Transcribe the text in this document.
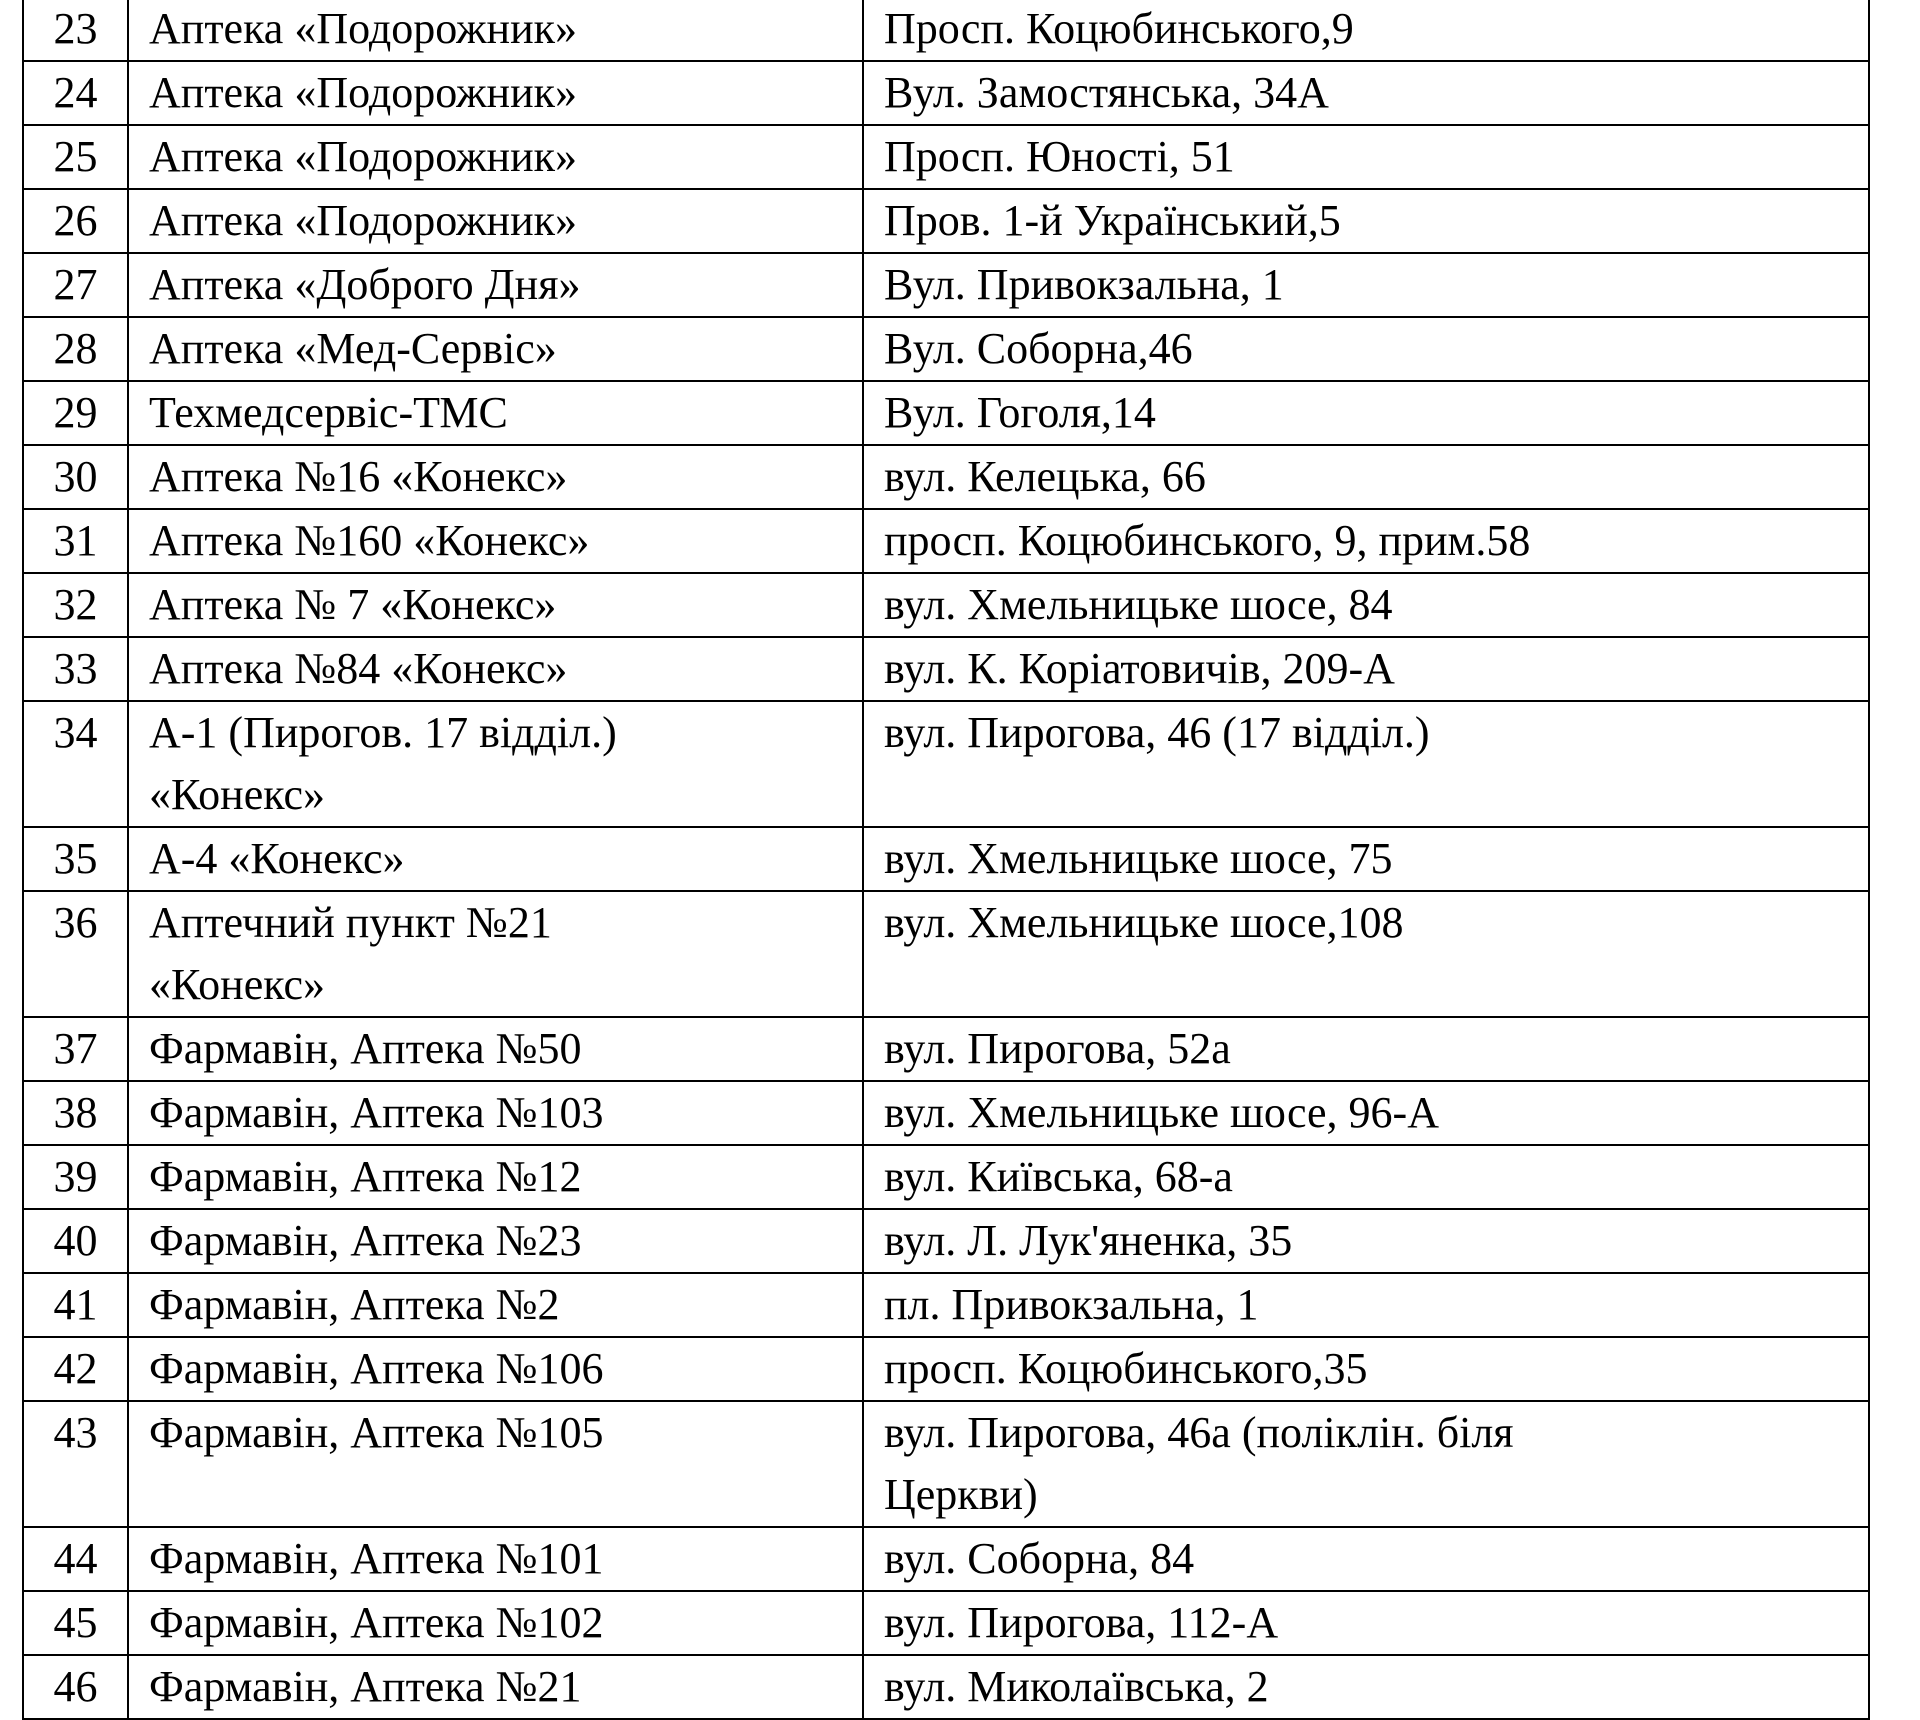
23	Аптека «Подорожник»	Просп. Коцюбинського,9

24	Аптека «Подорожник»	Вул. Замостянська, 34А

25	Аптека «Подорожник»	Просп. Юності, 51

26	Аптека «Подорожник»	Пров. 1-й Український,5

27	Аптека «Доброго Дня»	Вул. Привокзальна, 1

28	Аптека «Мед-Сервіс»	Вул. Соборна,46

29	Техмедсервіс-ТМС	Вул. Гоголя,14

30	Аптека №16 «Конекс»	вул. Келецька, 66

31	Аптека №160 «Конекс»	просп. Коцюбинського, 9, прим.58

32	Аптека № 7 «Конекс»	вул. Хмельницьке шосе, 84

33	Аптека №84 «Конекс»	вул. К. Коріатовичів, 209-А

34	А-1 (Пирогов. 17 відділ.)
«Конекс»	вул. Пирогова, 46 (17 відділ.)

35	А-4 «Конекс»	вул. Хмельницьке шосе, 75

36	Аптечний пункт №21
«Конекс»	вул. Хмельницьке шосе,108

37	Фармавін, Аптека №50	вул. Пирогова, 52а

38	Фармавін, Аптека №103	вул. Хмельницьке шосе, 96-А

39	Фармавін, Аптека №12	вул. Київська, 68-а

40	Фармавін, Аптека №23	вул. Л. Лук'яненка, 35

41	Фармавін, Аптека №2	пл. Привокзальна, 1

42	Фармавін, Аптека №106	просп. Коцюбинського,35

43	Фармавін, Аптека №105	вул. Пирогова, 46а (поліклін. біля
Церкви)

44	Фармавін, Аптека №101	вул. Соборна, 84

45	Фармавін, Аптека №102	вул. Пирогова, 112-А

46	Фармавін, Аптека №21	вул. Миколаївська, 2
